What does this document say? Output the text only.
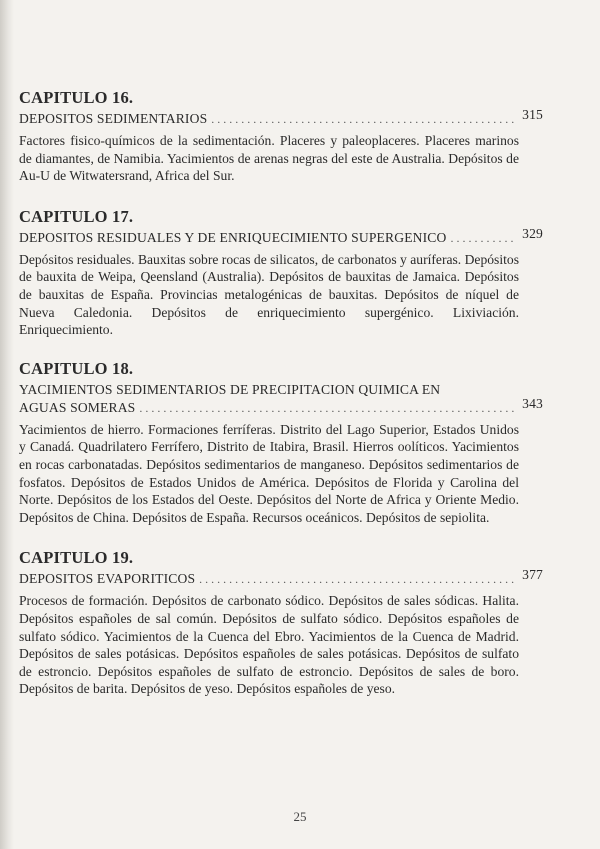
CAPITULO 16.
DEPOSITOS SEDIMENTARIOS . . .	315
Factores fisico-químicos de la sedimentación. Placeres y paleoplaceres. Placeres marinos de diamantes, de Namibia. Yacimientos de arenas negras del este de Australia. Depósitos de Au-U de Witwatersrand, Africa del Sur.
CAPITULO 17.
DEPOSITOS RESIDUALES Y DE ENRIQUECIMIENTO SUPERGENICO . . .	329
Depósitos residuales. Bauxitas sobre rocas de silicatos, de carbonatos y auríferas. Depósitos de bauxita de Weipa, Qeensland (Australia). Depósitos de bauxitas de Jamaica. Depósitos de bauxitas de España. Provincias metalogénicas de bauxitas. Depósitos de níquel de Nueva Caledonia. Depósitos de enriquecimiento supergénico. Lixiviación. Enriquecimiento.
CAPITULO 18.
YACIMIENTOS SEDIMENTARIOS DE PRECIPITACION QUIMICA EN
AGUAS SOMERAS . . .	343
Yacimientos de hierro. Formaciones ferríferas. Distrito del Lago Superior, Estados Unidos y Canadá. Quadrilatero Ferrífero, Distrito de Itabira, Brasil. Hierros oolíticos. Yacimientos en rocas carbonatadas. Depósitos sedimentarios de manganeso. Depósitos sedimentarios de fosfatos. Depósitos de Estados Unidos de América. Depósitos de Florida y Carolina del Norte. Depósitos de los Estados del Oeste. Depósitos del Norte de Africa y Oriente Medio. Depósitos de China. Depósitos de España. Recursos oceánicos. Depósitos de sepiolita.
CAPITULO 19.
DEPOSITOS EVAPORITICOS . . .	377
Procesos de formación. Depósitos de carbonato sódico. Depósitos de sales sódicas. Halita. Depósitos españoles de sal común. Depósitos de sulfato sódico. Depósitos españoles de sulfato sódico. Yacimientos de la Cuenca del Ebro. Yacimientos de la Cuenca de Madrid. Depósitos de sales potásicas. Depósitos españoles de sales potásicas. Depósitos de sulfato de estroncio. Depósitos españoles de sulfato de estroncio. Depósitos de sales de boro. Depósitos de barita. Depósitos de yeso. Depósitos españoles de yeso.
25
